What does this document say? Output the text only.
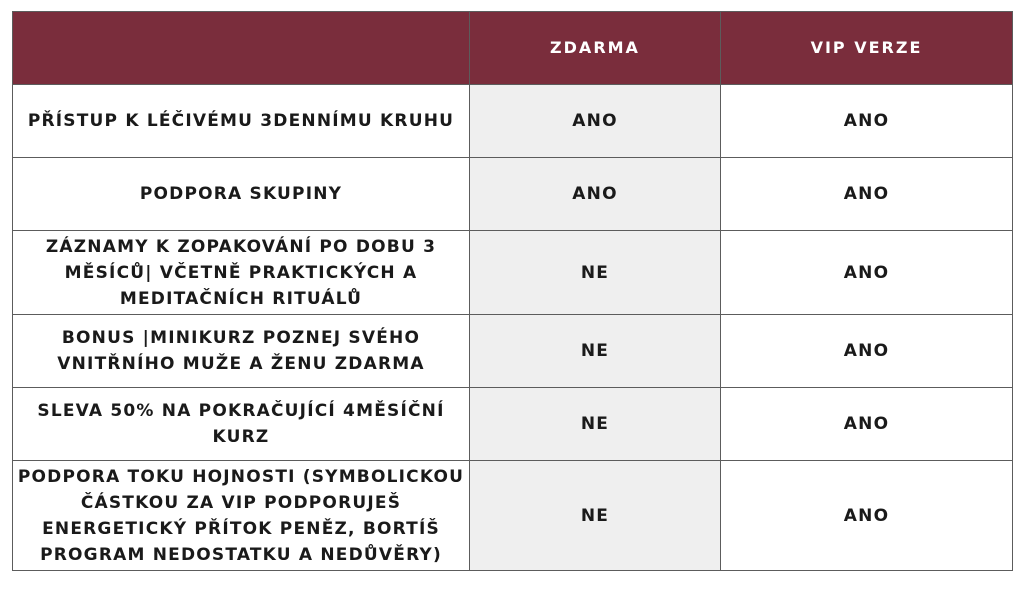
	ZDARMA	VIP VERZE
PŘÍSTUP K LÉČIVÉMU 3DENNÍMU KRUHU	ANO	ANO
PODPORA SKUPINY	ANO	ANO
ZÁZNAMY K ZOPAKOVÁNÍ PO DOBU 3 MĚSÍCŮ| VČETNĚ PRAKTICKÝCH A MEDITAČNÍCH RITUÁLŮ	NE	ANO
BONUS |MINIKURZ POZNEJ SVÉHO VNITŘNÍHO MUŽE A ŽENU ZDARMA	NE	ANO
SLEVA 50% NA POKRAČUJÍCÍ 4MĚSÍČNÍ KURZ	NE	ANO
PODPORA TOKU HOJNOSTI (SYMBOLICKOU ČÁSTKOU ZA VIP PODPORUJEŠ ENERGETICKÝ PŘÍTOK PENĚZ, BORTÍŠ PROGRAM NEDOSTATKU A NEDŮVĚRY)	NE	ANO
